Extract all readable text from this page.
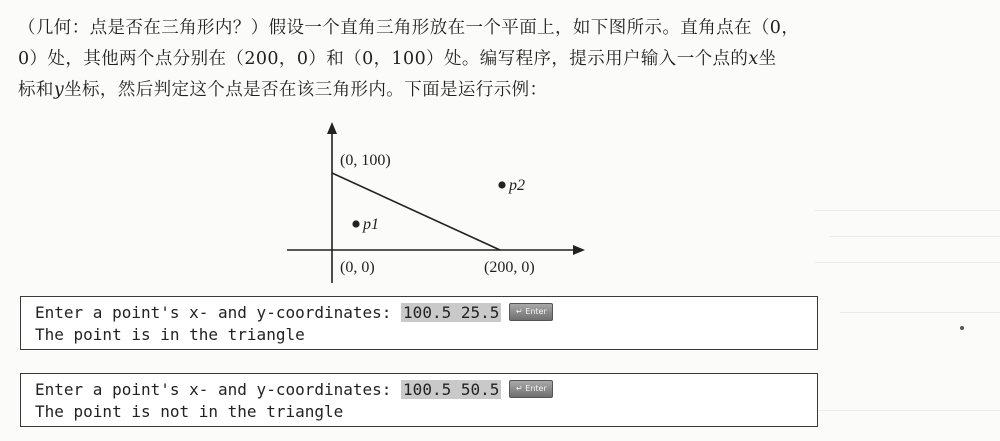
（几何：点是否在三角形内？）假设一个直角三角形放在一个平面上，如下图所示。直角点在（0，
0）处，其他两个点分别在（200，0）和（0，100）处。编写程序，提示用户输入一个点的x坐
标和y坐标，然后判定这个点是否在该三角形内。下面是运行示例：
(0, 100)
(0, 0)	(200, 0)
p1
p2
Enter a point's x- and y-coordinates: 100.5 25.5 ↵ Enter
The point is in the triangle
Enter a point's x- and y-coordinates: 100.5 50.5 ↵ Enter
The point is not in the triangle
